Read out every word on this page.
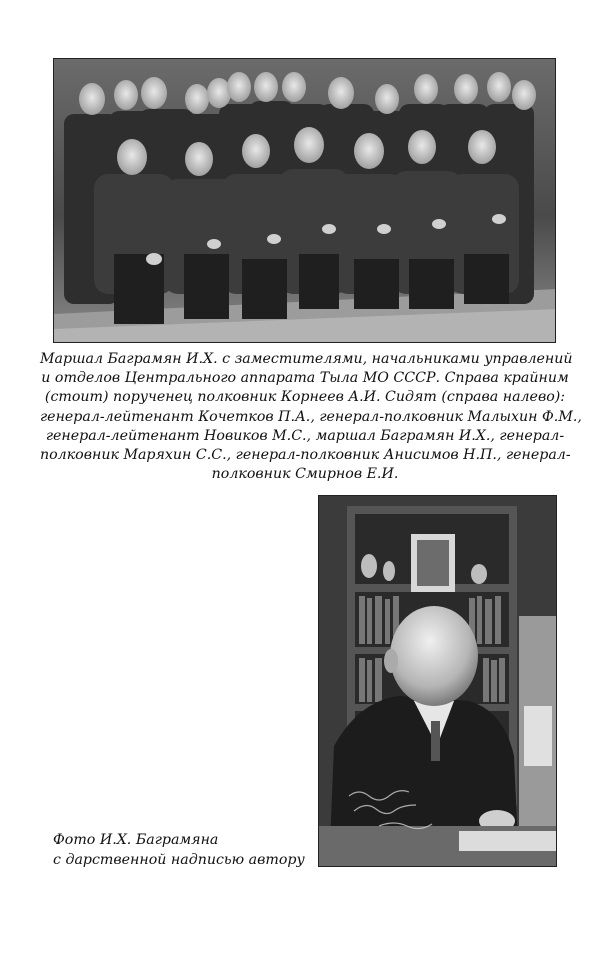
Маршал Баграмян И.Х. с заместителями, начальниками управлений
и отделов Центрального аппарата Тыла МО СССР. Справа крайним
(стоит) порученец полковник Корнеев А.И. Сидят (справа налево):
генерал-лейтенант Кочетков П.А., генерал-полковник Малыхин Ф.М.,
генерал-лейтенант Новиков М.С., маршал Баграмян И.Х., генерал-
полковник Маряхин С.С., генерал-полковник Анисимов Н.П., генерал-
полковник Смирнов Е.И.
Фото И.Х. Баграмяна
с дарственной надписью автору
